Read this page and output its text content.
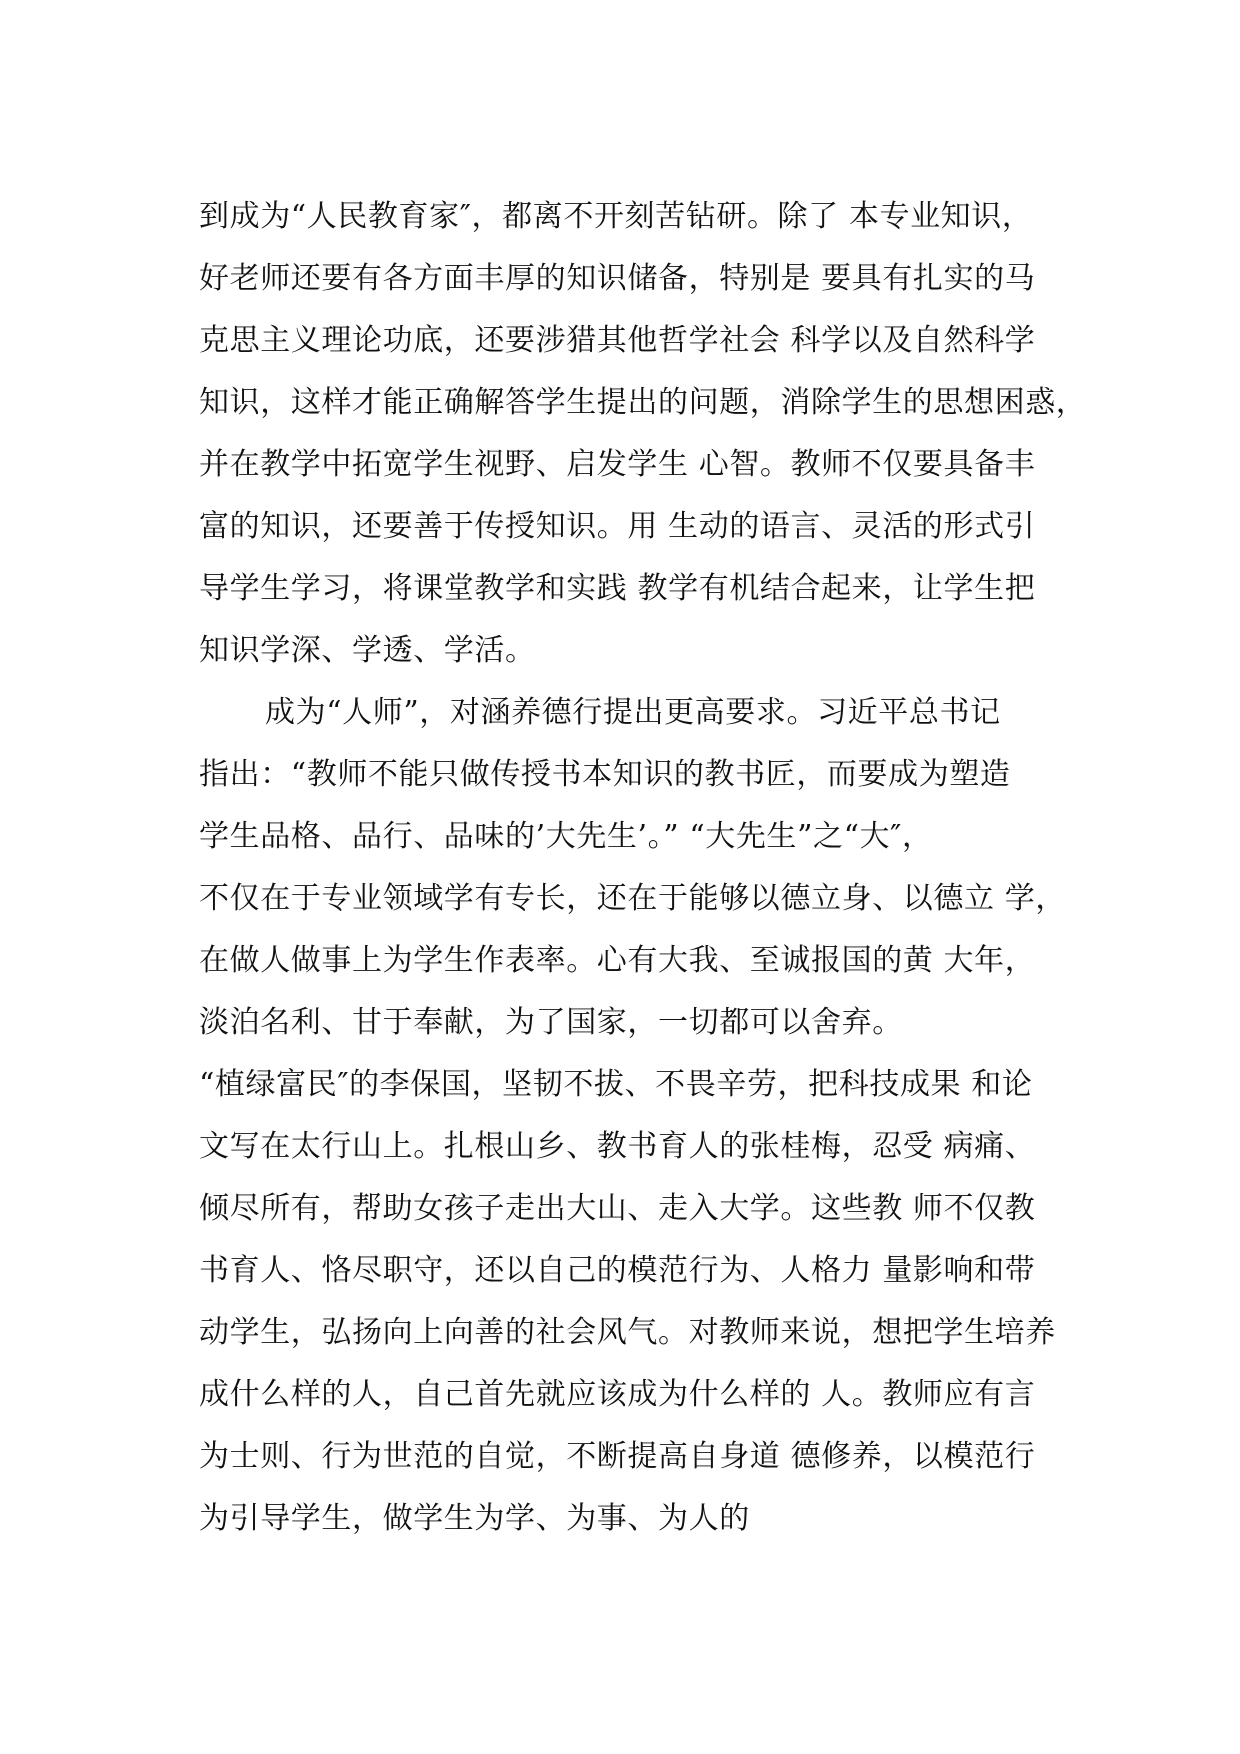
到成为“人民教育家″，都离不开刻苦钻研。除了 本专业知识，
好老师还要有各方面丰厚的知识储备，特别是 要具有扎实的马
克思主义理论功底，还要涉猎其他哲学社会 科学以及自然科学
知识，这样才能正确解答学生提出的问题，消除学生的思想困惑，
并在教学中拓宽学生视野、启发学生 心智。教师不仅要具备丰
富的知识，还要善于传授知识。用 生动的语言、灵活的形式引
导学生学习，将课堂教学和实践 教学有机结合起来，让学生把
知识学深、学透、学活。
成为“人师”，对涵养德行提出更高要求。习近平总书记
指出：“教师不能只做传授书本知识的教书匠，而要成为塑造
学生品格、品行、品味的’大先生’。” “大先生”之“大″，
不仅在于专业领域学有专长，还在于能够以德立身、以德立 学，
在做人做事上为学生作表率。心有大我、至诚报国的黄 大年，
淡泊名利、甘于奉献，为了国家，一切都可以舍弃。
“植绿富民″的李保国，坚韧不拔、不畏辛劳，把科技成果 和论
文写在太行山上。扎根山乡、教书育人的张桂梅，忍受 病痛、
倾尽所有，帮助女孩子走出大山、走入大学。这些教 师不仅教
书育人、恪尽职守，还以自己的模范行为、人格力 量影响和带
动学生，弘扬向上向善的社会风气。对教师来说，想把学生培养
成什么样的人，自己首先就应该成为什么样的 人。教师应有言
为士则、行为世范的自觉，不断提高自身道 德修养，以模范行
为引导学生，做学生为学、为事、为人的
